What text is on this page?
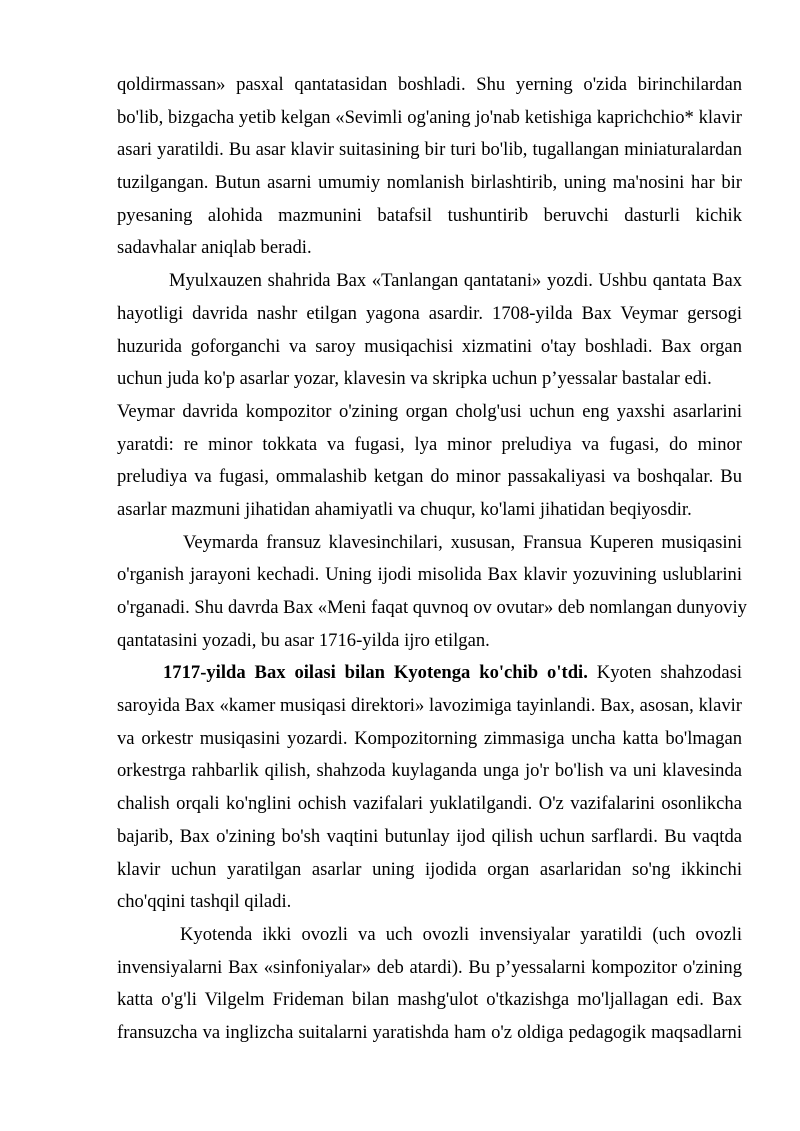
qoldirmassan» pasxal qantatasidan boshladi. Shu yerning o'zida birinchilardan
bo'lib, bizgacha yetib kelgan «Sevimli og'aning jo'nab ketishiga kaprichchio* klavir
asari yaratildi. Bu asar klavir suitasining bir turi bo'lib, tugallangan miniaturalardan
tuzilgangan. Butun asarni umumiy nomlanish birlashtirib, uning ma'nosini har bir
pyesaning alohida mazmunini batafsil tushuntirib beruvchi dasturli kichik
sadavhalar aniqlab beradi.
Myulxauzen shahrida Bax «Tanlangan qantatani» yozdi. Ushbu qantata Bax
hayotligi davrida nashr etilgan yagona asardir. 1708-yilda Bax Veymar gersogi
huzurida goforganchi va saroy musiqachisi xizmatini o'tay boshladi. Bax organ
uchun juda ko'p asarlar yozar, klavesin va skripka uchun p’yessalar bastalar edi.
Veymar davrida kompozitor o'zining organ cholg'usi uchun eng yaxshi asarlarini
yaratdi: re minor tokkata va fugasi, lya minor preludiya va fugasi, do minor
preludiya va fugasi, ommalashib ketgan do minor passakaliyasi va boshqalar. Bu
asarlar mazmuni jihatidan ahamiyatli va chuqur, ko'lami jihatidan beqiyosdir.
Veymarda fransuz klavesinchilari, xususan, Fransua Kuperen musiqasini
o'rganish jarayoni kechadi. Uning ijodi misolida Bax klavir yozuvining uslublarini
o'rganadi. Shu davrda Bax «Meni faqat quvnoq ov ovutar» deb nomlangan dunyoviy
qantatasini yozadi, bu asar 1716-yilda ijro etilgan.
1717-yilda Bax oilasi bilan Kyotenga ko'chib o'tdi. Kyoten shahzodasi
saroyida Bax «kamer musiqasi direktori» lavozimiga tayinlandi. Bax, asosan, klavir
va orkestr musiqasini yozardi. Kompozitorning zimmasiga uncha katta bo'lmagan
orkestrga rahbarlik qilish, shahzoda kuylaganda unga jo'r bo'lish va uni klavesinda
chalish orqali ko'nglini ochish vazifalari yuklatilgandi. O'z vazifalarini osonlikcha
bajarib, Bax o'zining bo'sh vaqtini butunlay ijod qilish uchun sarflardi. Bu vaqtda
klavir uchun yaratilgan asarlar uning ijodida organ asarlaridan so'ng ikkinchi
cho'qqini tashqil qiladi.
Kyotenda ikki ovozli va uch ovozli invensiyalar yaratildi (uch ovozli
invensiyalarni Bax «sinfoniyalar» deb atardi). Bu p’yessalarni kompozitor o'zining
katta o'g'li Vilgelm Frideman bilan mashg'ulot o'tkazishga mo'ljallagan edi. Bax
fransuzcha va inglizcha suitalarni yaratishda ham o'z oldiga pedagogik maqsadlarni
